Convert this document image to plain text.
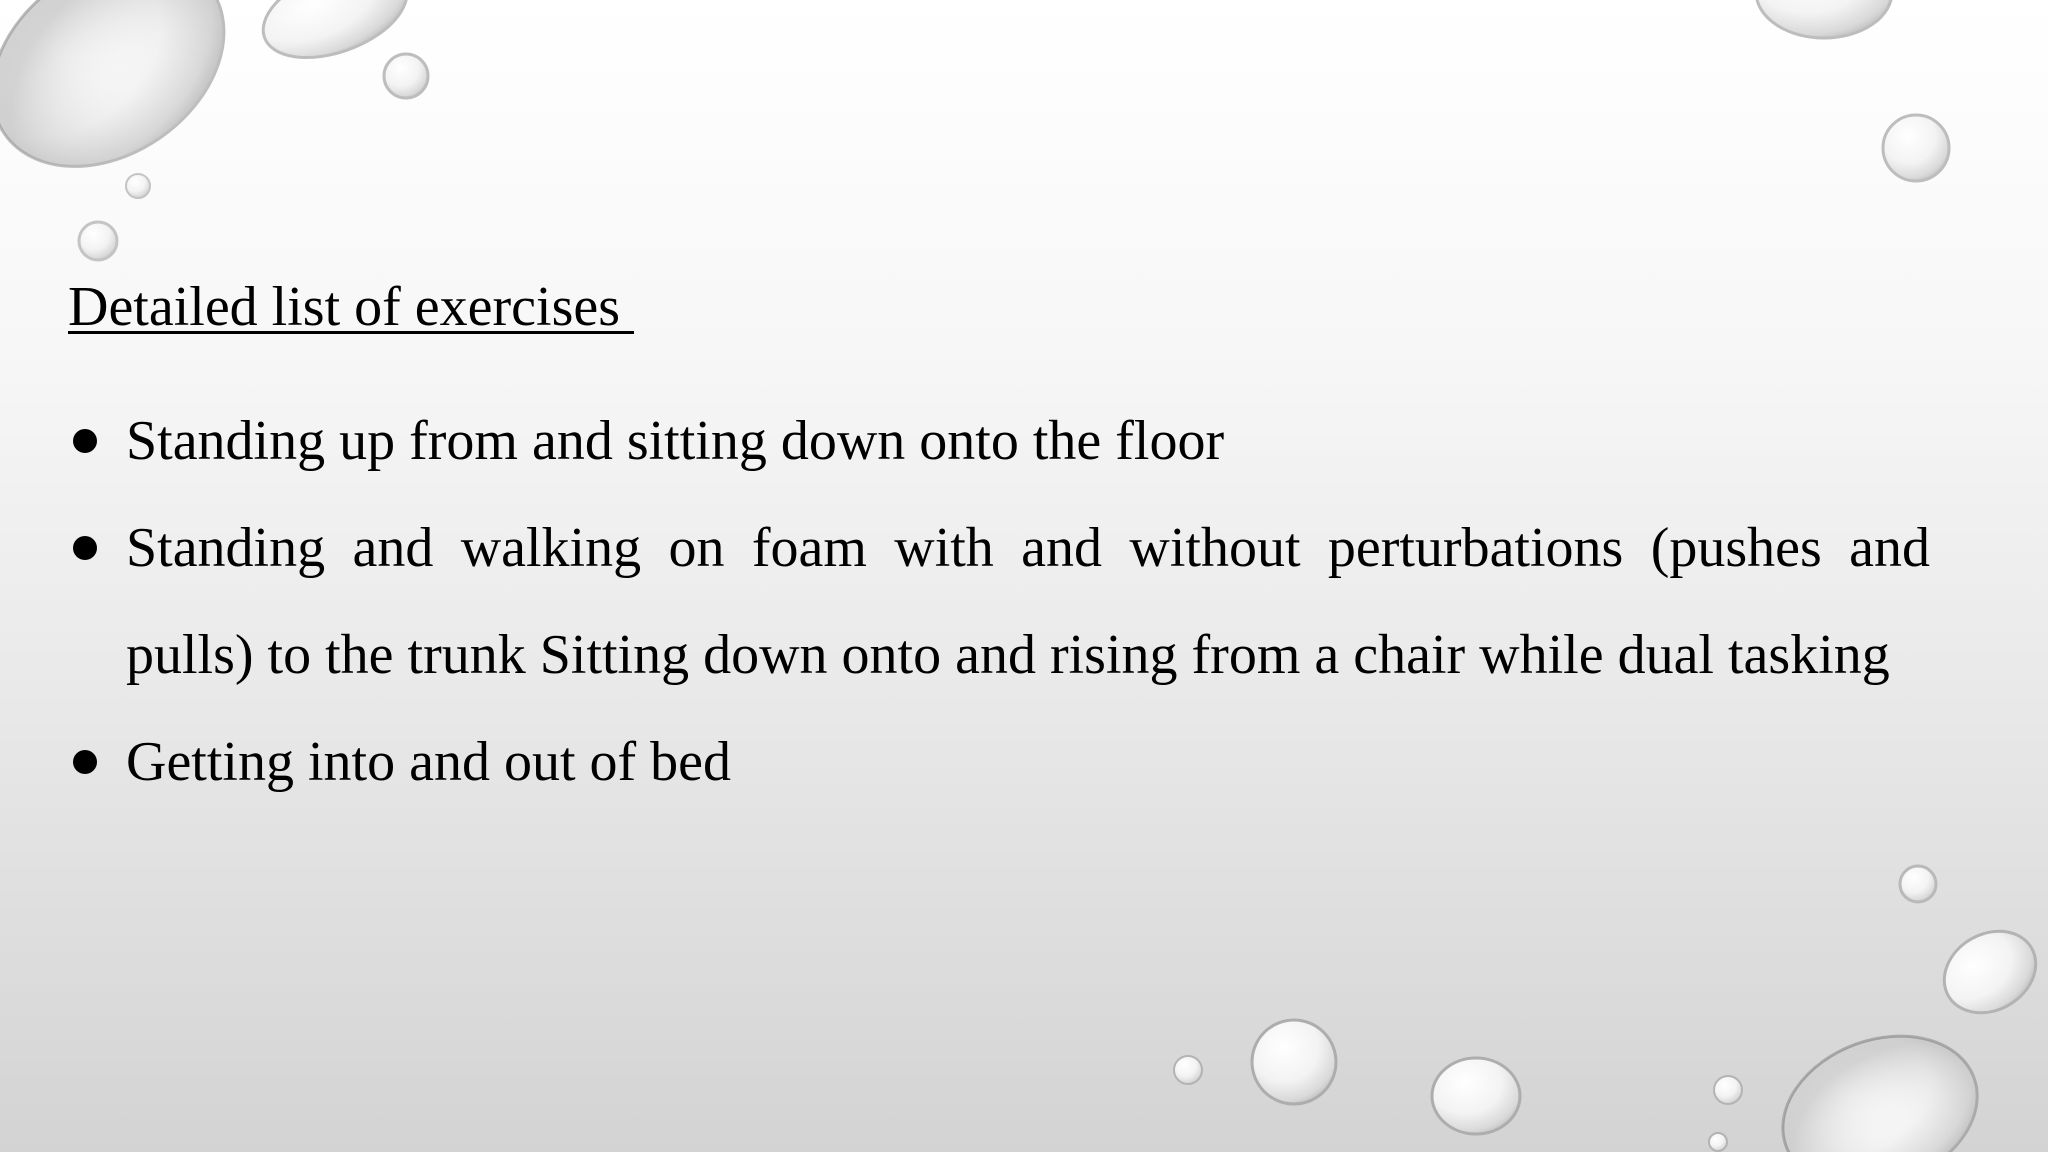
Detailed list of exercises
Standing up from and sitting down onto the floor
Standing and walking on foam with and without perturbations (pushes and pulls) to the trunk Sitting down onto and rising from a chair while dual tasking
Getting into and out of bed
